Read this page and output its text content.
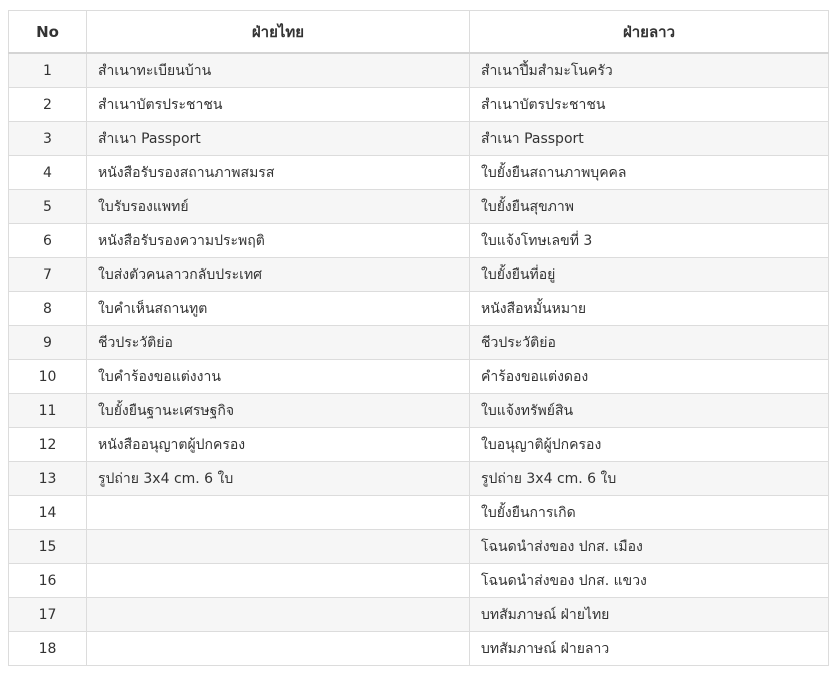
No	ฝ่ายไทย	ฝ่ายลาว
1	สำเนาทะเบียนบ้าน	สำเนาปึ้มสำมะโนครัว
2	สำเนาบัตรประชาชน	สำเนาบัตรประชาชน
3	สำเนา Passport	สำเนา Passport
4	หนังสือรับรองสถานภาพสมรส	ใบยั้งยืนสถานภาพบุคคล
5	ใบรับรองแพทย์	ใบยั้งยืนสุขภาพ
6	หนังสือรับรองความประพฤติ	ใบแจ้งโทษเลขที่ 3
7	ใบส่งตัวคนลาวกลับประเทศ	ใบยั้งยืนที่อยู่
8	ใบคำเห็นสถานทูต	หนังสือหมั้นหมาย
9	ชีวประวัติย่อ	ชีวประวัติย่อ
10	ใบคำร้องขอแต่งงาน	คำร้องขอแต่งดอง
11	ใบยั้งยืนฐานะเศรษฐกิจ	ใบแจ้งทรัพย์สิน
12	หนังสืออนุญาตผู้ปกครอง	ใบอนุญาติผู้ปกครอง
13	รูปถ่าย 3x4 cm. 6 ใบ	รูปถ่าย 3x4 cm. 6 ใบ
14		ใบยั้งยืนการเกิด
15		โฉนดนำส่งของ ปกส. เมือง
16		โฉนดนำส่งของ ปกส. แขวง
17		บทสัมภาษณ์ ฝ่ายไทย
18		บทสัมภาษณ์ ฝ่ายลาว
